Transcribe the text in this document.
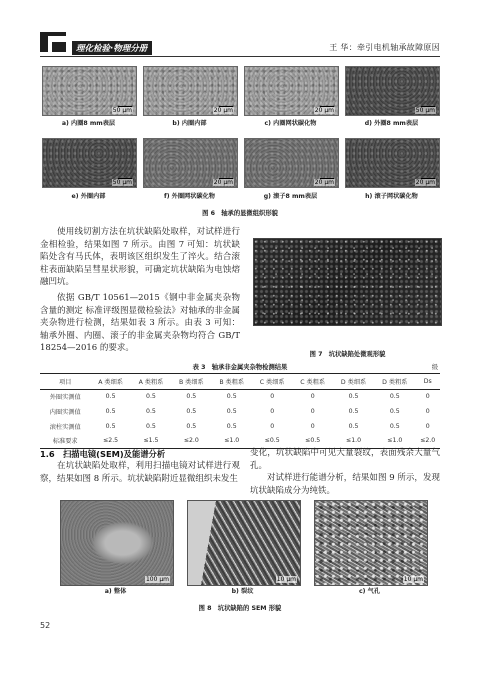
理化检验·物理分册	王 华：牵引电机轴承故障原因
50 μm	20 μm	20 μm	50 μm
a) 内圈8 mm表层	b) 内圈内部	c) 内圈网状碳化物	d) 外圈8 mm表层
50 μm	20 μm	20 μm	20 μm
e) 外圈内部	f) 外圈网状碳化物	g) 滚子8 mm表层	h) 滚子网状碳化物
图 6　轴承的显微组织形貌
使用线切割方法在坑状缺陷处取样，对试样进行金相检验，结果如图 7 所示。由图 7 可知：坑状缺陷处含有马氏体，表明该区组织发生了淬火。结合滚柱表面缺陷呈彗星状形貌，可确定坑状缺陷为电蚀熔融凹坑。
依据 GB/T 10561—2015《钢中非金属夹杂物含量的测定 标准评级图显微检验法》对轴承的非金属夹杂物进行检测，结果如表 3 所示。由表 3 可知：轴承外圈、内圈、滚子的非金属夹杂物均符合 GB/T 18254—2016 的要求。
图 7　坑状缺陷处微观形貌
表 3　轴承非金属夹杂物检测结果	级
项目	A 类细系	A 类粗系	B 类细系	B 类粗系	C 类细系	C 类粗系	D 类细系	D 类粗系	Ds
外圈实测值	0.5	0.5	0.5	0.5	0	0	0.5	0.5	0
内圈实测值	0.5	0.5	0.5	0.5	0	0	0.5	0.5	0
滚柱实测值	0.5	0.5	0.5	0.5	0	0	0.5	0.5	0
标准要求	≤2.5	≤1.5	≤2.0	≤1.0	≤0.5	≤0.5	≤1.0	≤1.0	≤2.0
1.6　扫描电镜(SEM)及能谱分析
在坑状缺陷处取样，利用扫描电镜对试样进行观察，结果如图 8 所示。坑状缺陷附近显微组织未发生
变化，坑状缺陷中可见大量裂纹，表面残余大量气孔。
对试样进行能谱分析，结果如图 9 所示，发现坑状缺陷成分为纯铁。
100 μm	10 μm	10 μm
a) 整体	b) 裂纹	c) 气孔
图 8　坑状缺陷的 SEM 形貌
52
